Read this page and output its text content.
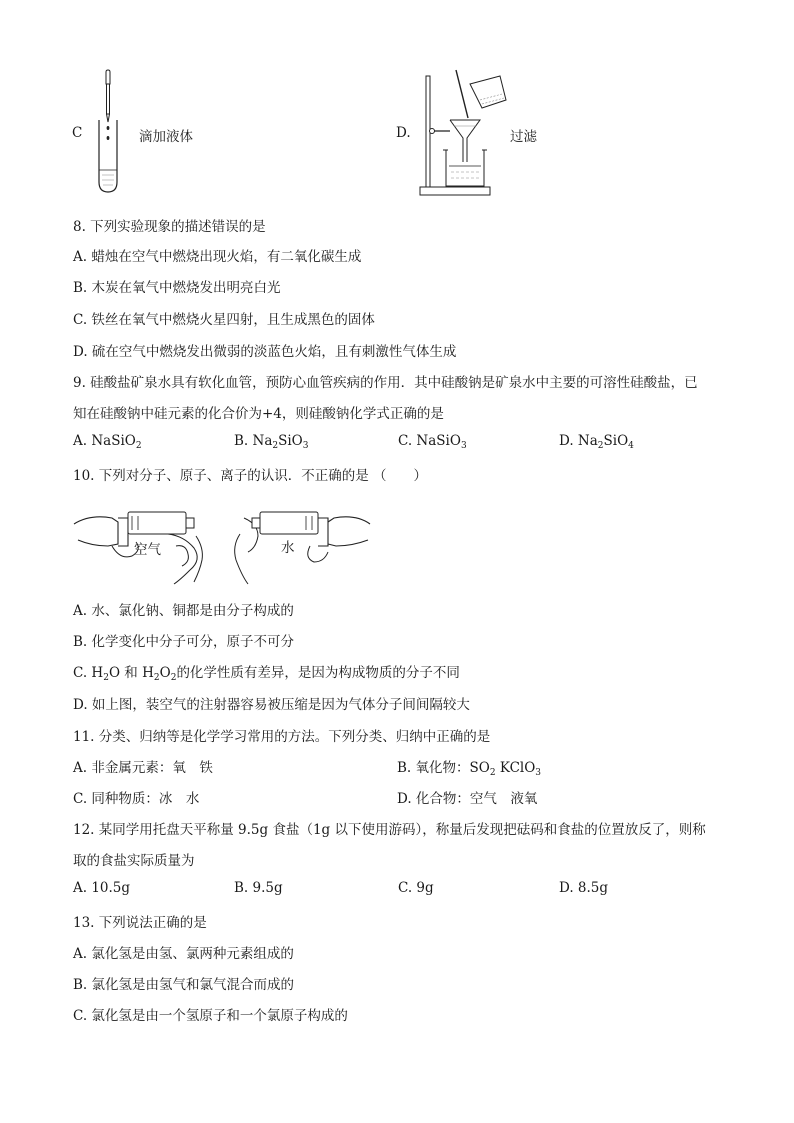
C	滴加液体	D.	过滤
8. 下列实验现象的描述错误的是
A. 蜡烛在空气中燃烧出现火焰，有二氧化碳生成
B. 木炭在氧气中燃烧发出明亮白光
C. 铁丝在氧气中燃烧火星四射，且生成黑色的固体
D. 硫在空气中燃烧发出微弱的淡蓝色火焰，且有刺激性气体生成
9. 硅酸盐矿泉水具有软化血管，预防心血管疾病的作用．其中硅酸钠是矿泉水中主要的可溶性硅酸盐，已
知在硅酸钠中硅元素的化合价为+4，则硅酸钠化学式正确的是
A. NaSiO$_2$	B. $Na_2SiO_3$	C. NaSiO$_3$	D. $Na_2SiO_4$
10. 下列对分子、原子、离子的认识．不正确的是 （　　）
空气	水
A. 水、氯化钠、铜都是由分子构成的
B. 化学变化中分子可分，原子不可分
C. $H_2O$ 和 $H_2O_2$的化学性质有差异，是因为构成物质的分子不同
D. 如上图，装空气的注射器容易被压缩是因为气体分子间间隔较大
11. 分类、归纳等是化学学习常用的方法。下列分类、归纳中正确的是
A. 非金属元素：氧　铁	B. 氧化物：$SO_2$ KClO$_3$
C. 同种物质：冰　水	D. 化合物：空气　液氧
12. 某同学用托盘天平称量 9.5g 食盐（1g 以下使用游码），称量后发现把砝码和食盐的位置放反了，则称
取的食盐实际质量为
A. 10.5g	B. 9.5g	C. 9g	D. 8.5g
13. 下列说法正确的是
A. 氯化氢是由氢、氯两种元素组成的
B. 氯化氢是由氢气和氯气混合而成的
C. 氯化氢是由一个氢原子和一个氯原子构成的
